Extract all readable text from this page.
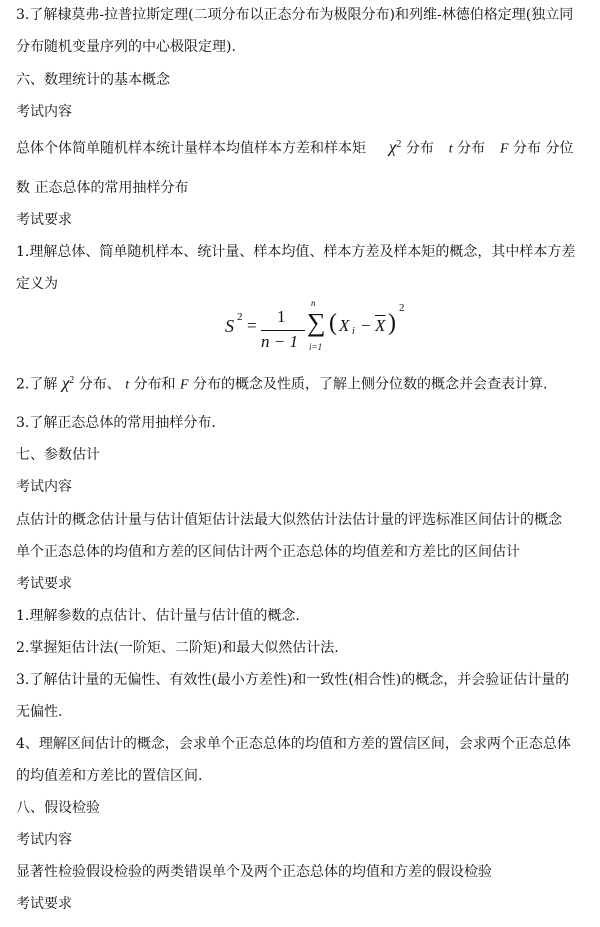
3.了解棣莫弗-拉普拉斯定理(二项分布以正态分布为极限分布)和列维-林德伯格定理(独立同
分布随机变量序列的中心极限定理).
六、数理统计的基本概念
考试内容
总体个体简单随机样本统计量样本均值样本方差和样本矩 $\chi^2$ 分布 t 分布 F 分布 分位
数 正态总体的常用抽样分布
考试要求
1.理解总体、简单随机样本、统计量、样本均值、样本方差及样本矩的概念，其中样本方差
定义为
S 2 = 1
n − 1
n
∑
i=1
( X $i - \overline{X}$ )
2
2.了解 $\chi^2$ 分布、 t 分布和 F 分布的概念及性质，了解上侧分位数的概念并会查表计算.
3.了解正态总体的常用抽样分布.
七、参数估计
考试内容
点估计的概念估计量与估计值矩估计法最大似然估计法估计量的评选标准区间估计的概念
单个正态总体的均值和方差的区间估计两个正态总体的均值差和方差比的区间估计
考试要求
1.理解参数的点估计、估计量与估计值的概念.
2.掌握矩估计法(一阶矩、二阶矩)和最大似然估计法.
3.了解估计量的无偏性、有效性(最小方差性)和一致性(相合性)的概念，并会验证估计量的
无偏性.
4、理解区间估计的概念，会求单个正态总体的均值和方差的置信区间，会求两个正态总体
的均值差和方差比的置信区间.
八、假设检验
考试内容
显著性检验假设检验的两类错误单个及两个正态总体的均值和方差的假设检验
考试要求
